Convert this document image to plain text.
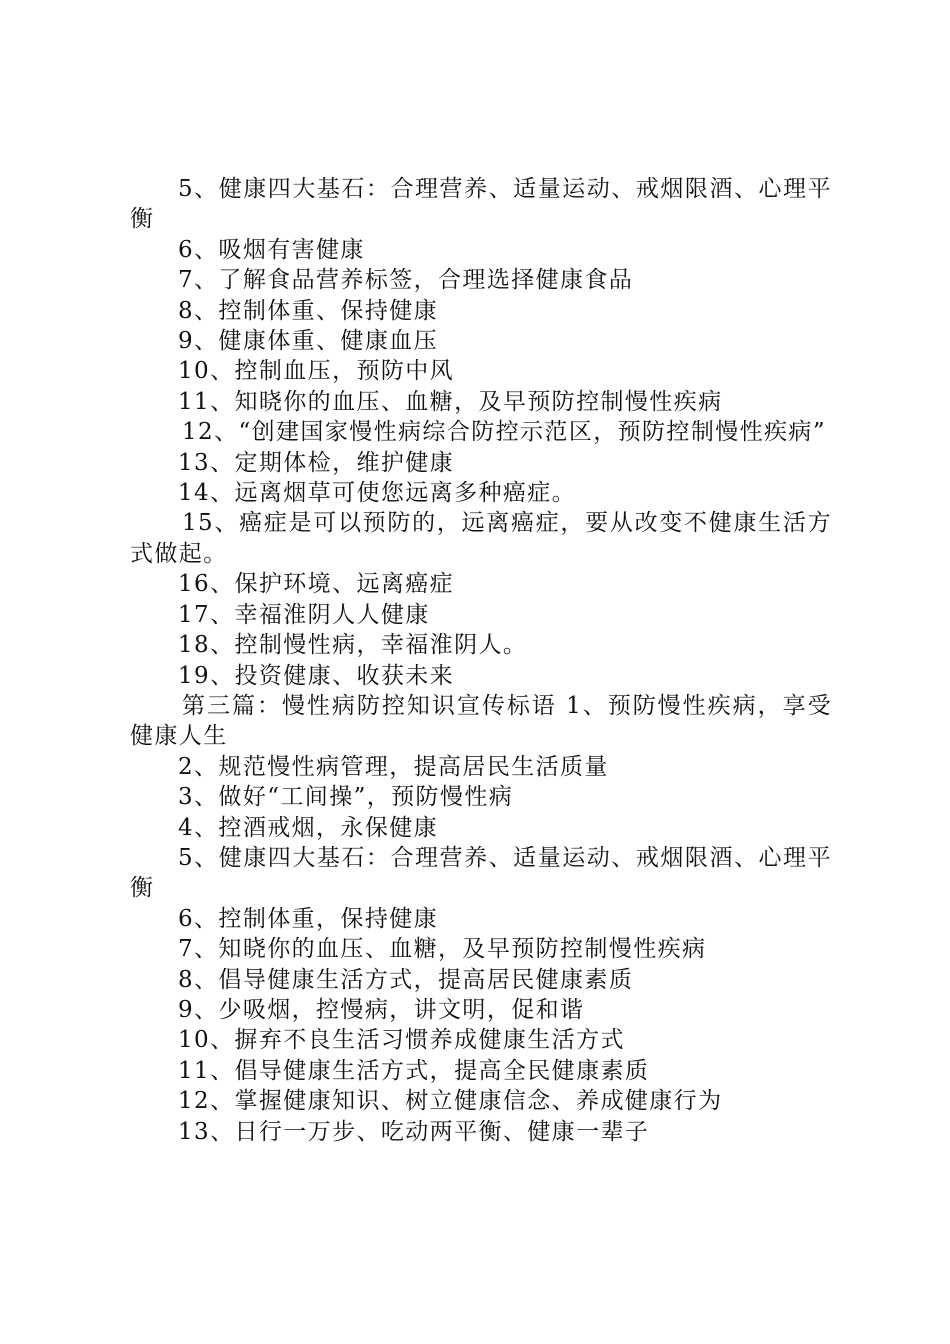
5、健康四大基石：合理营养、适量运动、戒烟限酒、心理平衡

6、吸烟有害健康

7、了解食品营养标签，合理选择健康食品

8、控制体重、保持健康

9、健康体重、健康血压

10、控制血压，预防中风

11、知晓你的血压、血糖，及早预防控制慢性疾病

12、“创建国家慢性病综合防控示范区，预防控制慢性疾病”

13、定期体检，维护健康

14、远离烟草可使您远离多种癌症。

15、癌症是可以预防的，远离癌症，要从改变不健康生活方式做起。

16、保护环境、远离癌症

17、幸福淮阴人人健康

18、控制慢性病，幸福淮阴人。

19、投资健康、收获未来

第三篇：慢性病防控知识宣传标语 1、预防慢性疾病，享受健康人生

2、规范慢性病管理，提高居民生活质量

3、做好“工间操”，预防慢性病

4、控酒戒烟，永保健康

5、健康四大基石：合理营养、适量运动、戒烟限酒、心理平衡

6、控制体重，保持健康

7、知晓你的血压、血糖，及早预防控制慢性疾病

8、倡导健康生活方式，提高居民健康素质

9、少吸烟，控慢病，讲文明，促和谐

10、摒弃不良生活习惯养成健康生活方式

11、倡导健康生活方式，提高全民健康素质

12、掌握健康知识、树立健康信念、养成健康行为

13、日行一万步、吃动两平衡、健康一辈子
